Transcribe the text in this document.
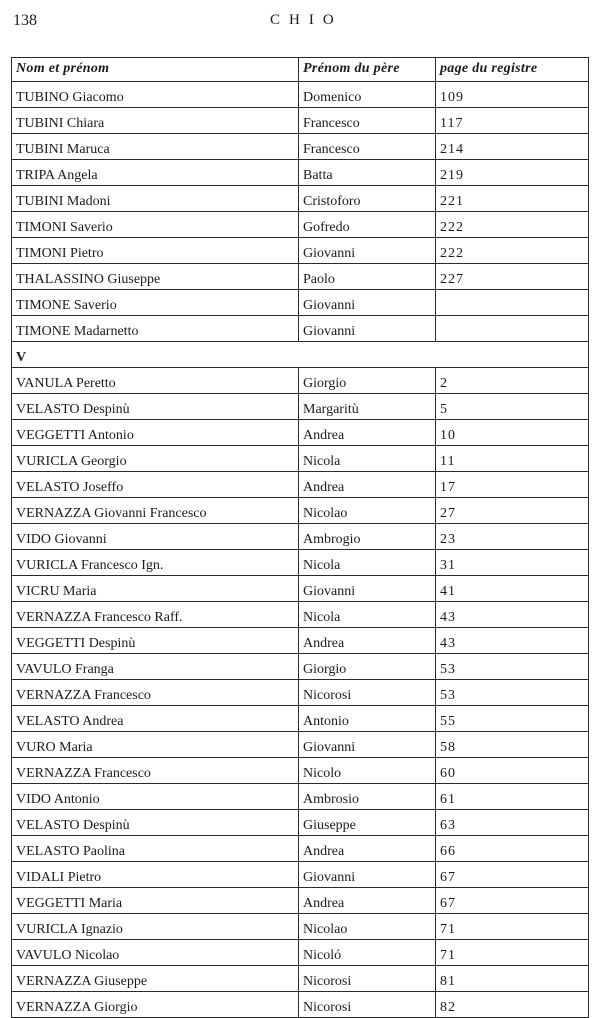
138	CHIO
Nom et prénom	Prénom du père	page du registre
TUBINO Giacomo	Domenico	109
TUBINI Chiara	Francesco	117
TUBINI Maruca	Francesco	214
TRIPA Angela	Batta	219
TUBINI Madoni	Cristoforo	221
TIMONI Saverio	Gofredo	222
TIMONI Pietro	Giovanni	222
THALASSINO Giuseppe	Paolo	227
TIMONE Saverio	Giovanni	
TIMONE Madarnetto	Giovanni	
V		
VANULA Peretto	Giorgio	2
VELASTO Despinù	Margaritù	5
VEGGETTI Antonio	Andrea	10
VURICLA Georgio	Nicola	11
VELASTO Joseffo	Andrea	17
VERNAZZA Giovanni Francesco	Nicolao	27
VIDO Giovanni	Ambrogio	23
VURICLA Francesco Ign.	Nicola	31
VICRU Maria	Giovanni	41
VERNAZZA Francesco Raff.	Nicola	43
VEGGETTI Despinù	Andrea	43
VAVULO Franga	Giorgio	53
VERNAZZA Francesco	Nicorosi	53
VELASTO Andrea	Antonio	55
VURO Maria	Giovanni	58
VERNAZZA Francesco	Nicolo	60
VIDO Antonio	Ambrosio	61
VELASTO Despinù	Giuseppe	63
VELASTO Paolina	Andrea	66
VIDALI Pietro	Giovanni	67
VEGGETTI Maria	Andrea	67
VURICLA Ignazio	Nicolao	71
VAVULO Nicolao	Nicoló	71
VERNAZZA Giuseppe	Nicorosi	81
VERNAZZA Giorgio	Nicorosi	82
